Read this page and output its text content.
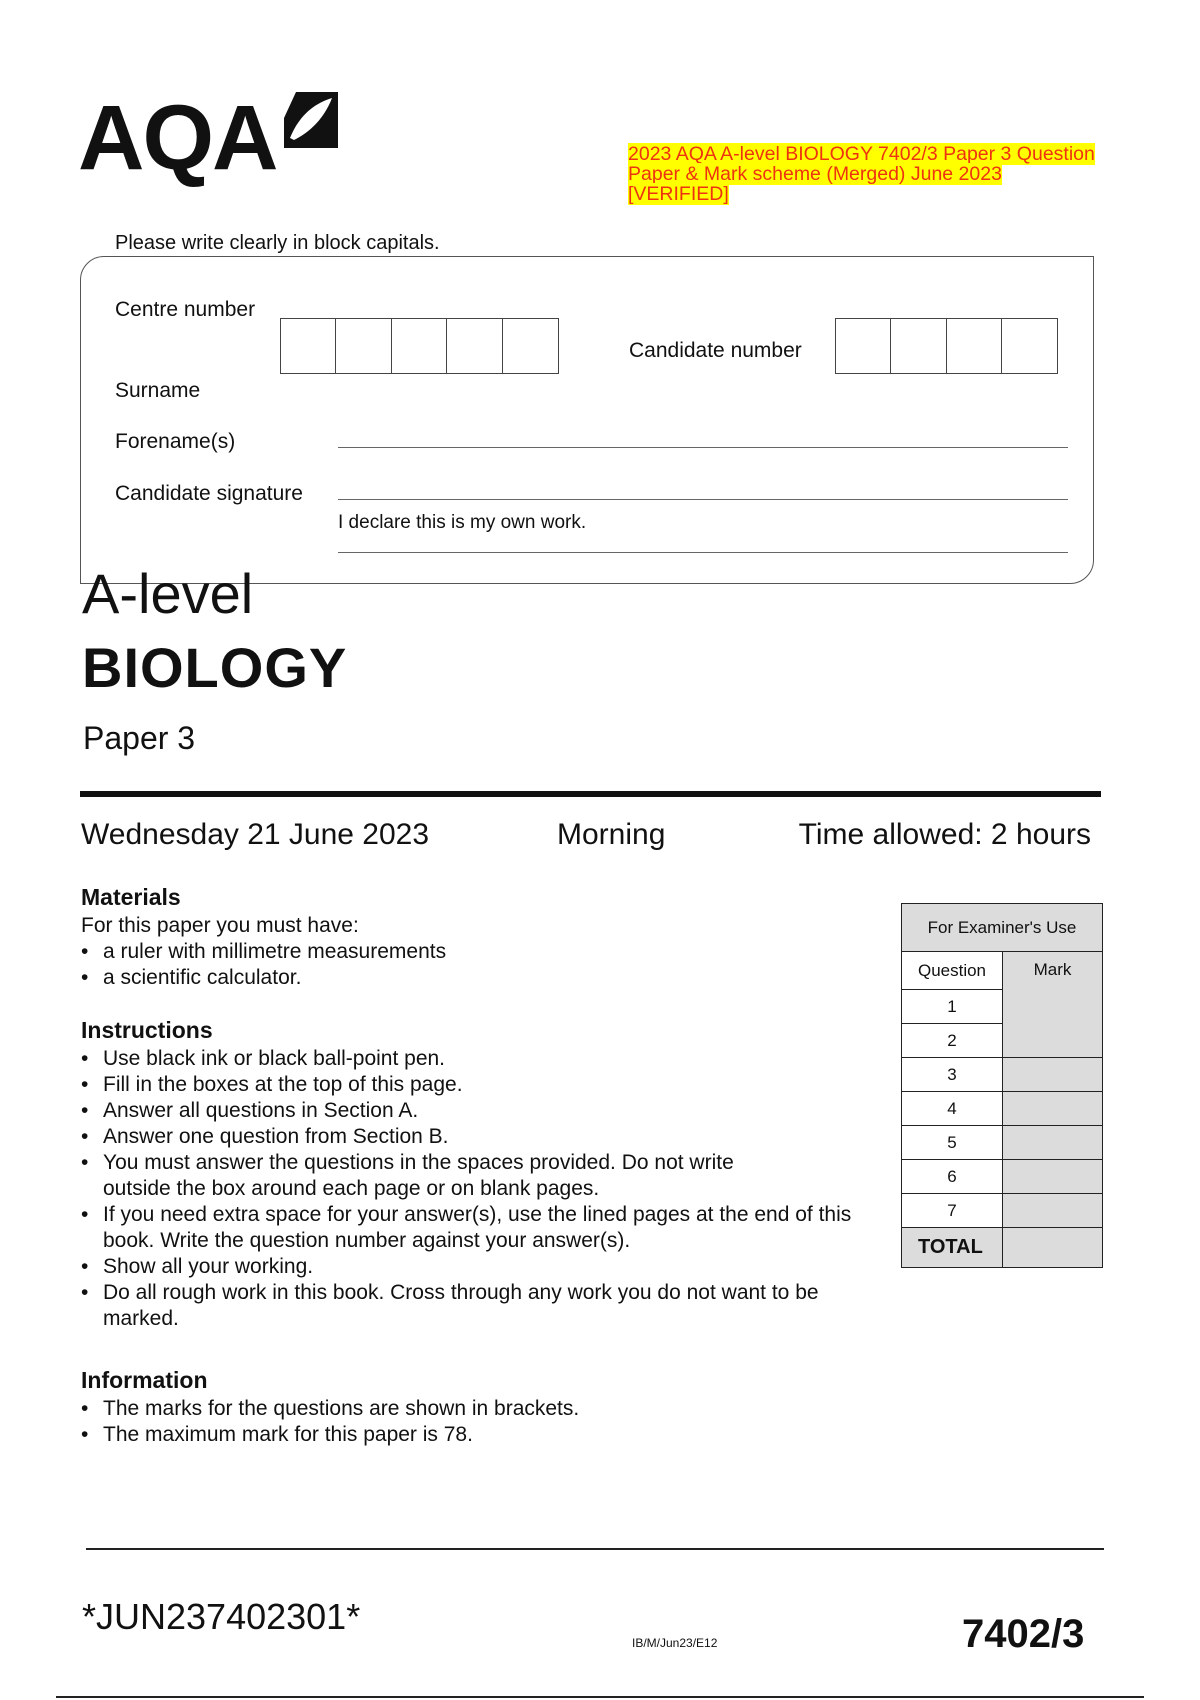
AQA	2023 AQA A-level BIOLOGY 7402/3 Paper 3 Question Paper & Mark scheme (Merged) June 2023 [VERIFIED]
Please write clearly in block capitals.
Centre number
Candidate number
Surname
Forename(s)
Candidate signature
I declare this is my own work.
A-level
BIOLOGY
Paper 3
Wednesday 21 June 2023	Morning	Time allowed: 2 hours
Materials
For this paper you must have:
• a ruler with millimetre measurements
• a scientific calculator.
Instructions
• Use black ink or black ball-point pen.
• Fill in the boxes at the top of this page.
• Answer all questions in Section A.
• Answer one question from Section B.
• You must answer the questions in the spaces provided. Do not write outside the box around each page or on blank pages.
• If you need extra space for your answer(s), use the lined pages at the end of this book. Write the question number against your answer(s).
• Show all your working.
• Do all rough work in this book. Cross through any work you do not want to be marked.
Information
• The marks for the questions are shown in brackets.
• The maximum mark for this paper is 78.
For Examiner's Use	
Question	Mark
1	
2	
3	
4	
5	
6	
7	
TOTAL	
*JUN237402301*
IB/M/Jun23/E12	7402/3
